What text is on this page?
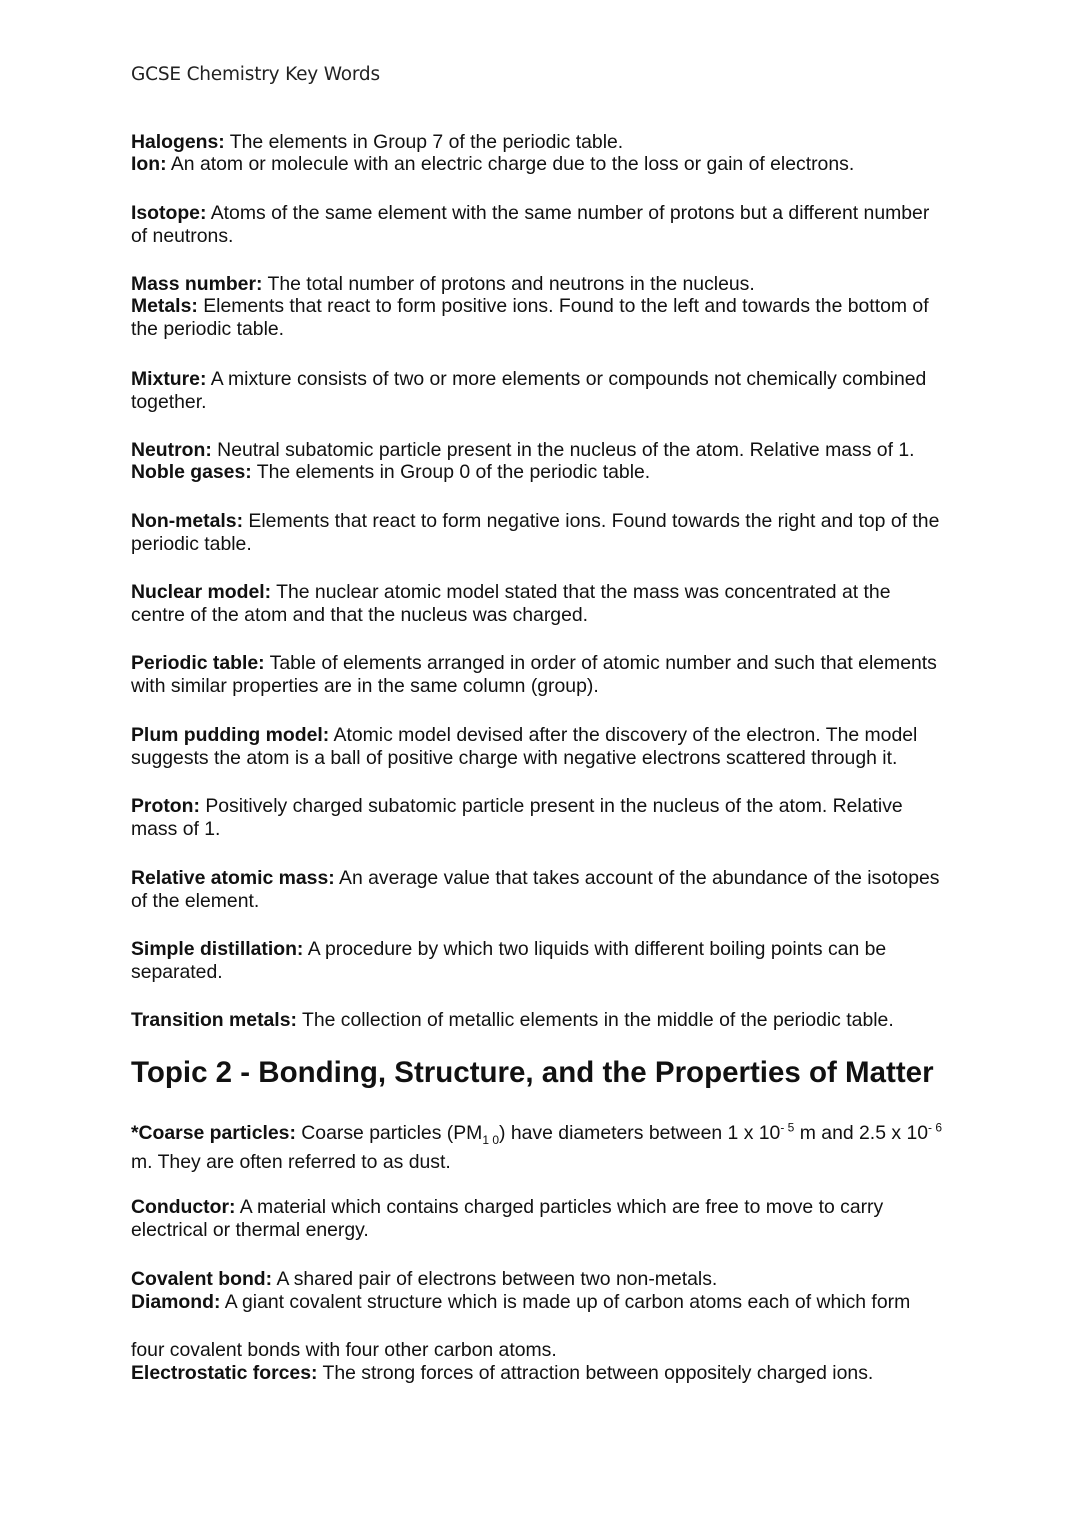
GCSE Chemistry Key Words
Halogens: The elements in Group 7 of the periodic table.
Ion: An atom or molecule with an electric charge due to the loss or gain of electrons.
Isotope: Atoms of the same element with the same number of protons but a different number of neutrons.
Mass number: The total number of protons and neutrons in the nucleus.
Metals: Elements that react to form positive ions. Found to the left and towards the bottom of the periodic table.
Mixture: A mixture consists of two or more elements or compounds not chemically combined together.
Neutron: Neutral subatomic particle present in the nucleus of the atom. Relative mass of 1.
Noble gases: The elements in Group 0 of the periodic table.
Non-metals: Elements that react to form negative ions. Found towards the right and top of the periodic table.
Nuclear model: The nuclear atomic model stated that the mass was concentrated at the centre of the atom and that the nucleus was charged.
Periodic table: Table of elements arranged in order of atomic number and such that elements with similar properties are in the same column (group).
Plum pudding model: Atomic model devised after the discovery of the electron. The model suggests the atom is a ball of positive charge with negative electrons scattered through it.
Proton: Positively charged subatomic particle present in the nucleus of the atom. Relative mass of 1.
Relative atomic mass: An average value that takes account of the abundance of the isotopes of the element.
Simple distillation: A procedure by which two liquids with different boiling points can be separated.
Transition metals: The collection of metallic elements in the middle of the periodic table.
Topic 2 - Bonding, Structure, and the Properties of Matter
*Coarse particles: Coarse particles $(PM_{1 0})$ have diameters between 1 x $10^{- 5}$ m and 2.5 x $10^{- 6}$ m. They are often referred to as dust.
Conductor: A material which contains charged particles which are free to move to carry electrical or thermal energy.
Covalent bond: A shared pair of electrons between two non-metals.
Diamond: A giant covalent structure which is made up of carbon atoms each of which form
four covalent bonds with four other carbon atoms.
Electrostatic forces: The strong forces of attraction between oppositely charged ions.
